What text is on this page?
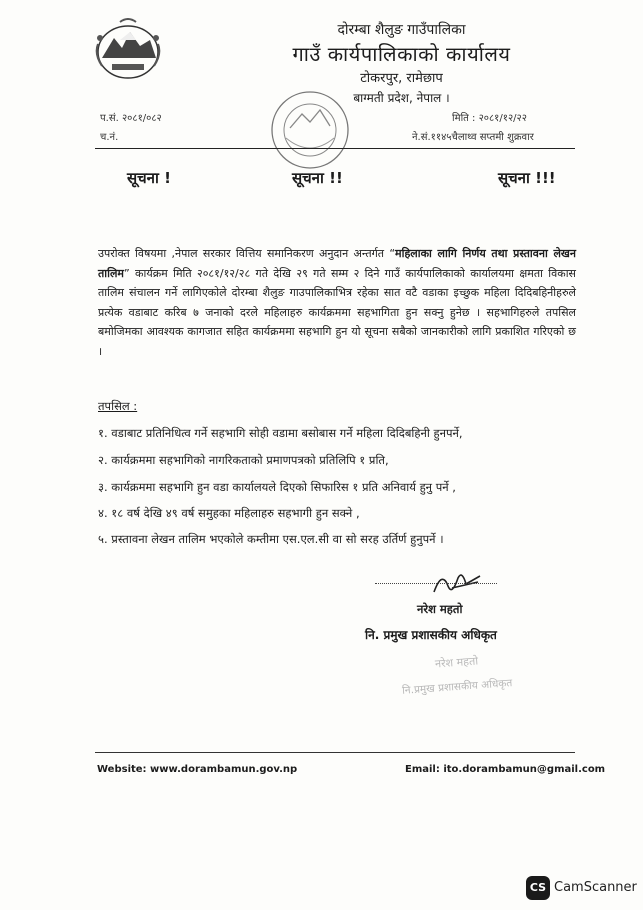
दोरम्बा शैलुङ गाउँपालिका
गाउँ कार्यपालिकाको कार्यालय
टोकरपुर, रामेछाप
बाग्मती प्रदेश, नेपाल ।
प.सं. २०८१/०८२
च.नं.
मिति : २०८१/१२/२२
ने.सं.११४५चैलाथ्व सप्तमी शुक्रवार
सूचना !	सूचना !!	सूचना !!!
उपरोक्त विषयमा ,नेपाल सरकार वित्तिय समानिकरण अनुदान अन्तर्गत “महिलाका लागि निर्णय तथा प्रस्तावना लेखन तालिम” कार्यक्रम मिति २०८१/१२/२८ गते देखि २९ गते सम्म २ दिने गाउँ कार्यपालिकाको कार्यालयमा क्षमता विकास तालिम संचालन गर्ने लागिएकोले दोरम्बा शैलुङ गाउपालिकाभित्र रहेका सात वटै वडाका इच्छुक महिला दिदिबहिनीहरुले प्रत्येक वडाबाट करिब ७ जनाको दरले महिलाहरु कार्यक्रममा सहभागिता हुन सक्नु हुनेछ । सहभागिहरुले तपसिल बमोजिमका आवश्यक कागजात सहित कार्यक्रममा सहभागि हुन यो सूचना सबैको जानकारीको लागि प्रकाशित गरिएको छ ।
तपसिल :
१. वडाबाट प्रतिनिधित्व गर्ने सहभागि सोही वडामा बसोबास गर्ने महिला दिदिबहिनी हुनपर्ने,
२. कार्यक्रममा सहभागिको नागरिकताको प्रमाणपत्रको प्रतिलिपि १ प्रति,
३. कार्यक्रममा सहभागि हुन वडा कार्यालयले दिएको सिफारिस १ प्रति अनिवार्य हुनु पर्ने ,
४. १८ वर्ष देखि ४९ वर्ष समुहका महिलाहरु सहभागी हुन सक्ने ,
५. प्रस्तावना लेखन तालिम भएकोले कम्तीमा एस.एल.सी वा सो सरह उर्तिर्ण हुनुपर्ने ।
नरेश महतो
नि. प्रमुख प्रशासकीय अधिकृत
नरेश महतो
नि.प्रमुख प्रशासकीय अधिकृत
Website: www.dorambamun.gov.np	Email: ito.dorambamun@gmail.com
CS CamScanner
